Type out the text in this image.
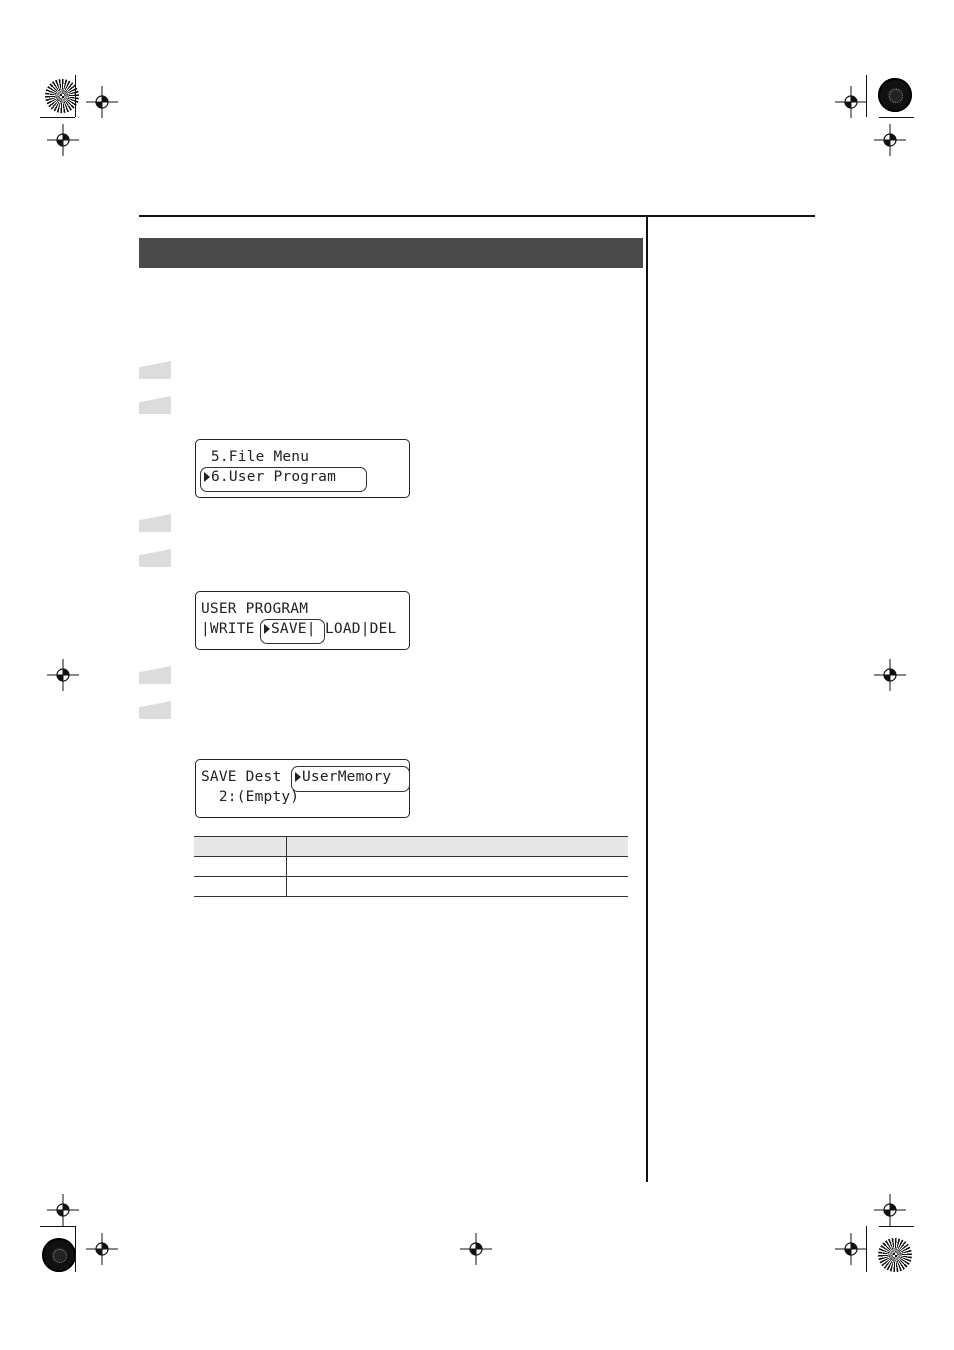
5.File Menu
6.User Program
USER PROGRAM
|WRITE	SAVE| LOAD|DEL
SAVE Dest	UserMemory
2:(Empty)
